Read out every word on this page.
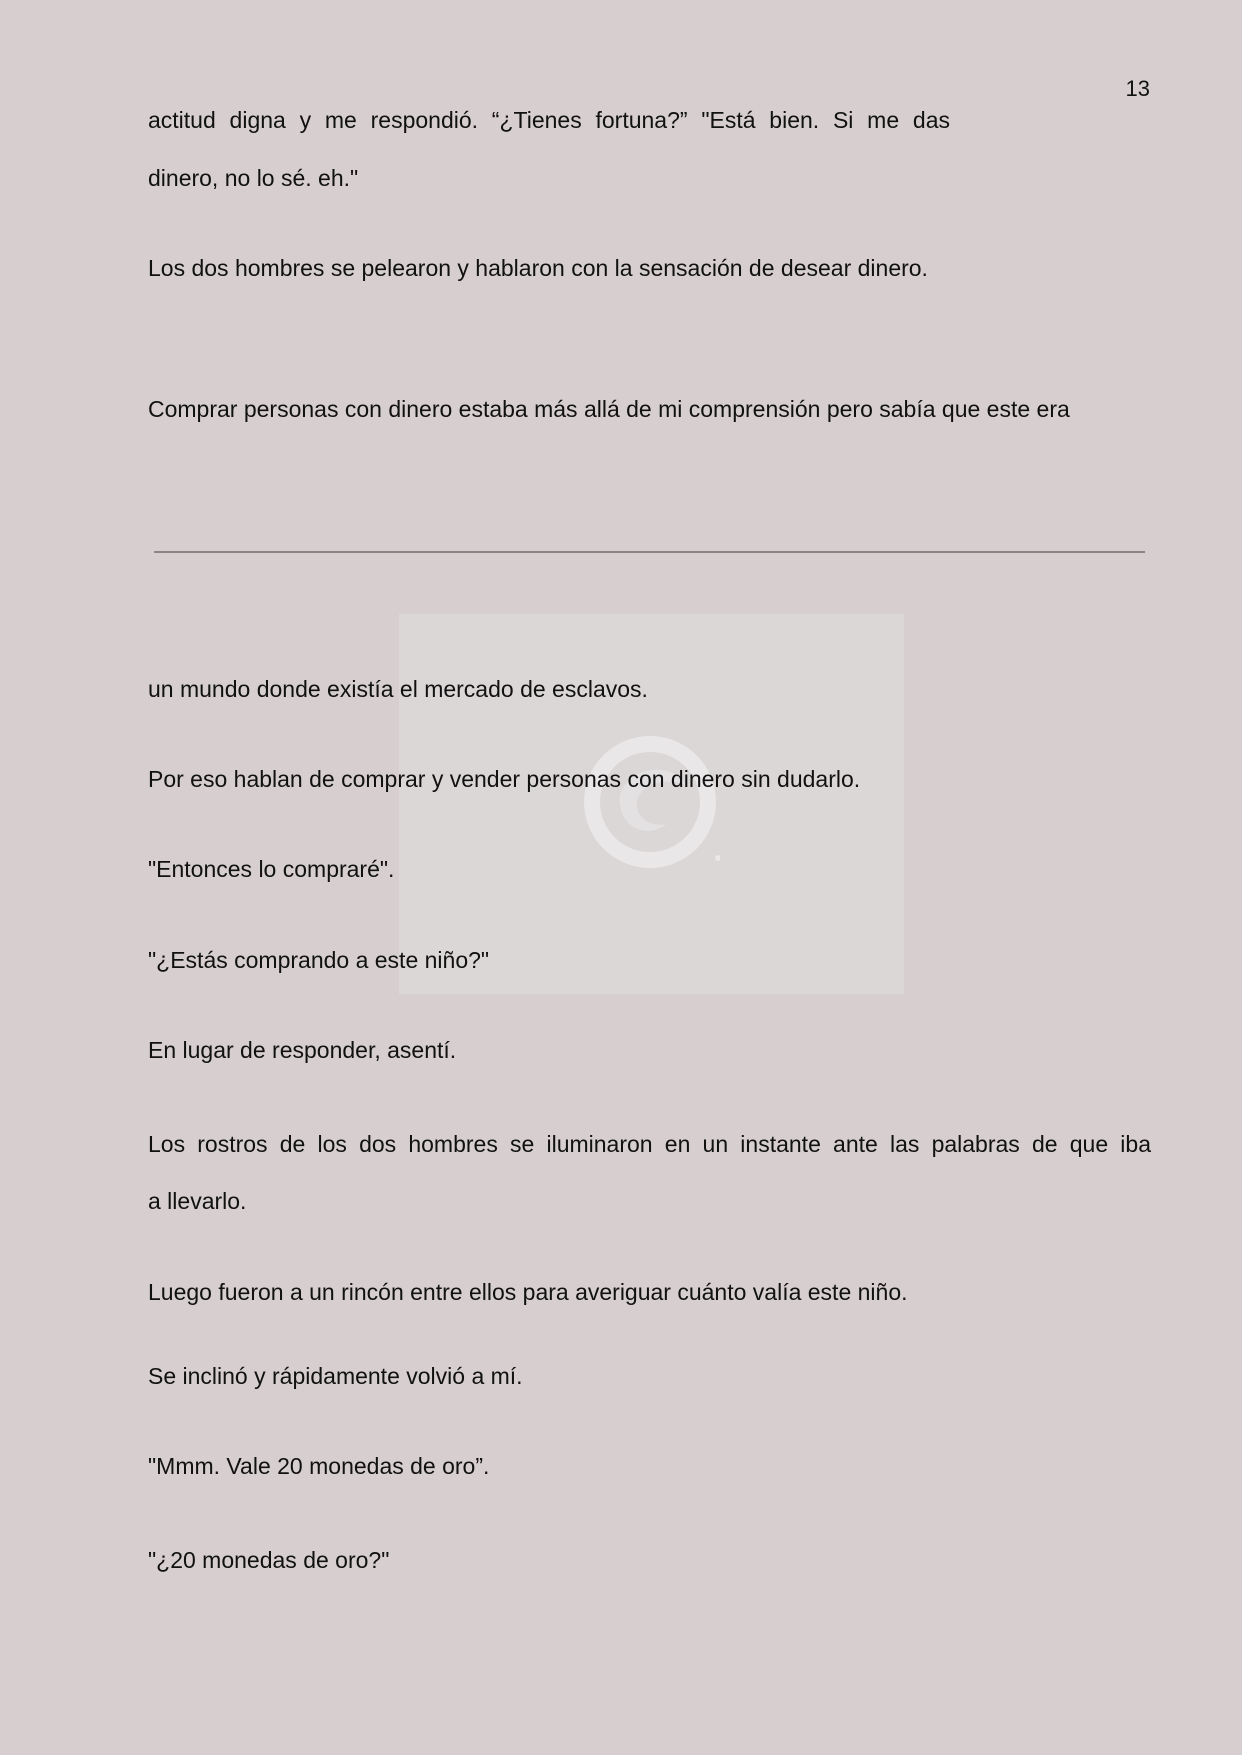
13
actitud digna y me respondió. “¿Tienes fortuna?” "Está bien. Si me das
dinero, no lo sé. eh."
Los dos hombres se pelearon y hablaron con la sensación de desear dinero.
Comprar personas con dinero estaba más allá de mi comprensión pero sabía que este era
un mundo donde existía el mercado de esclavos.
Por eso hablan de comprar y vender personas con dinero sin dudarlo.
"Entonces lo compraré".
"¿Estás comprando a este niño?"
En lugar de responder, asentí.
Los rostros de los dos hombres se iluminaron en un instante ante las palabras de que iba
a llevarlo.
Luego fueron a un rincón entre ellos para averiguar cuánto valía este niño.
Se inclinó y rápidamente volvió a mí.
"Mmm. Vale 20 monedas de oro”.
"¿20 monedas de oro?"
